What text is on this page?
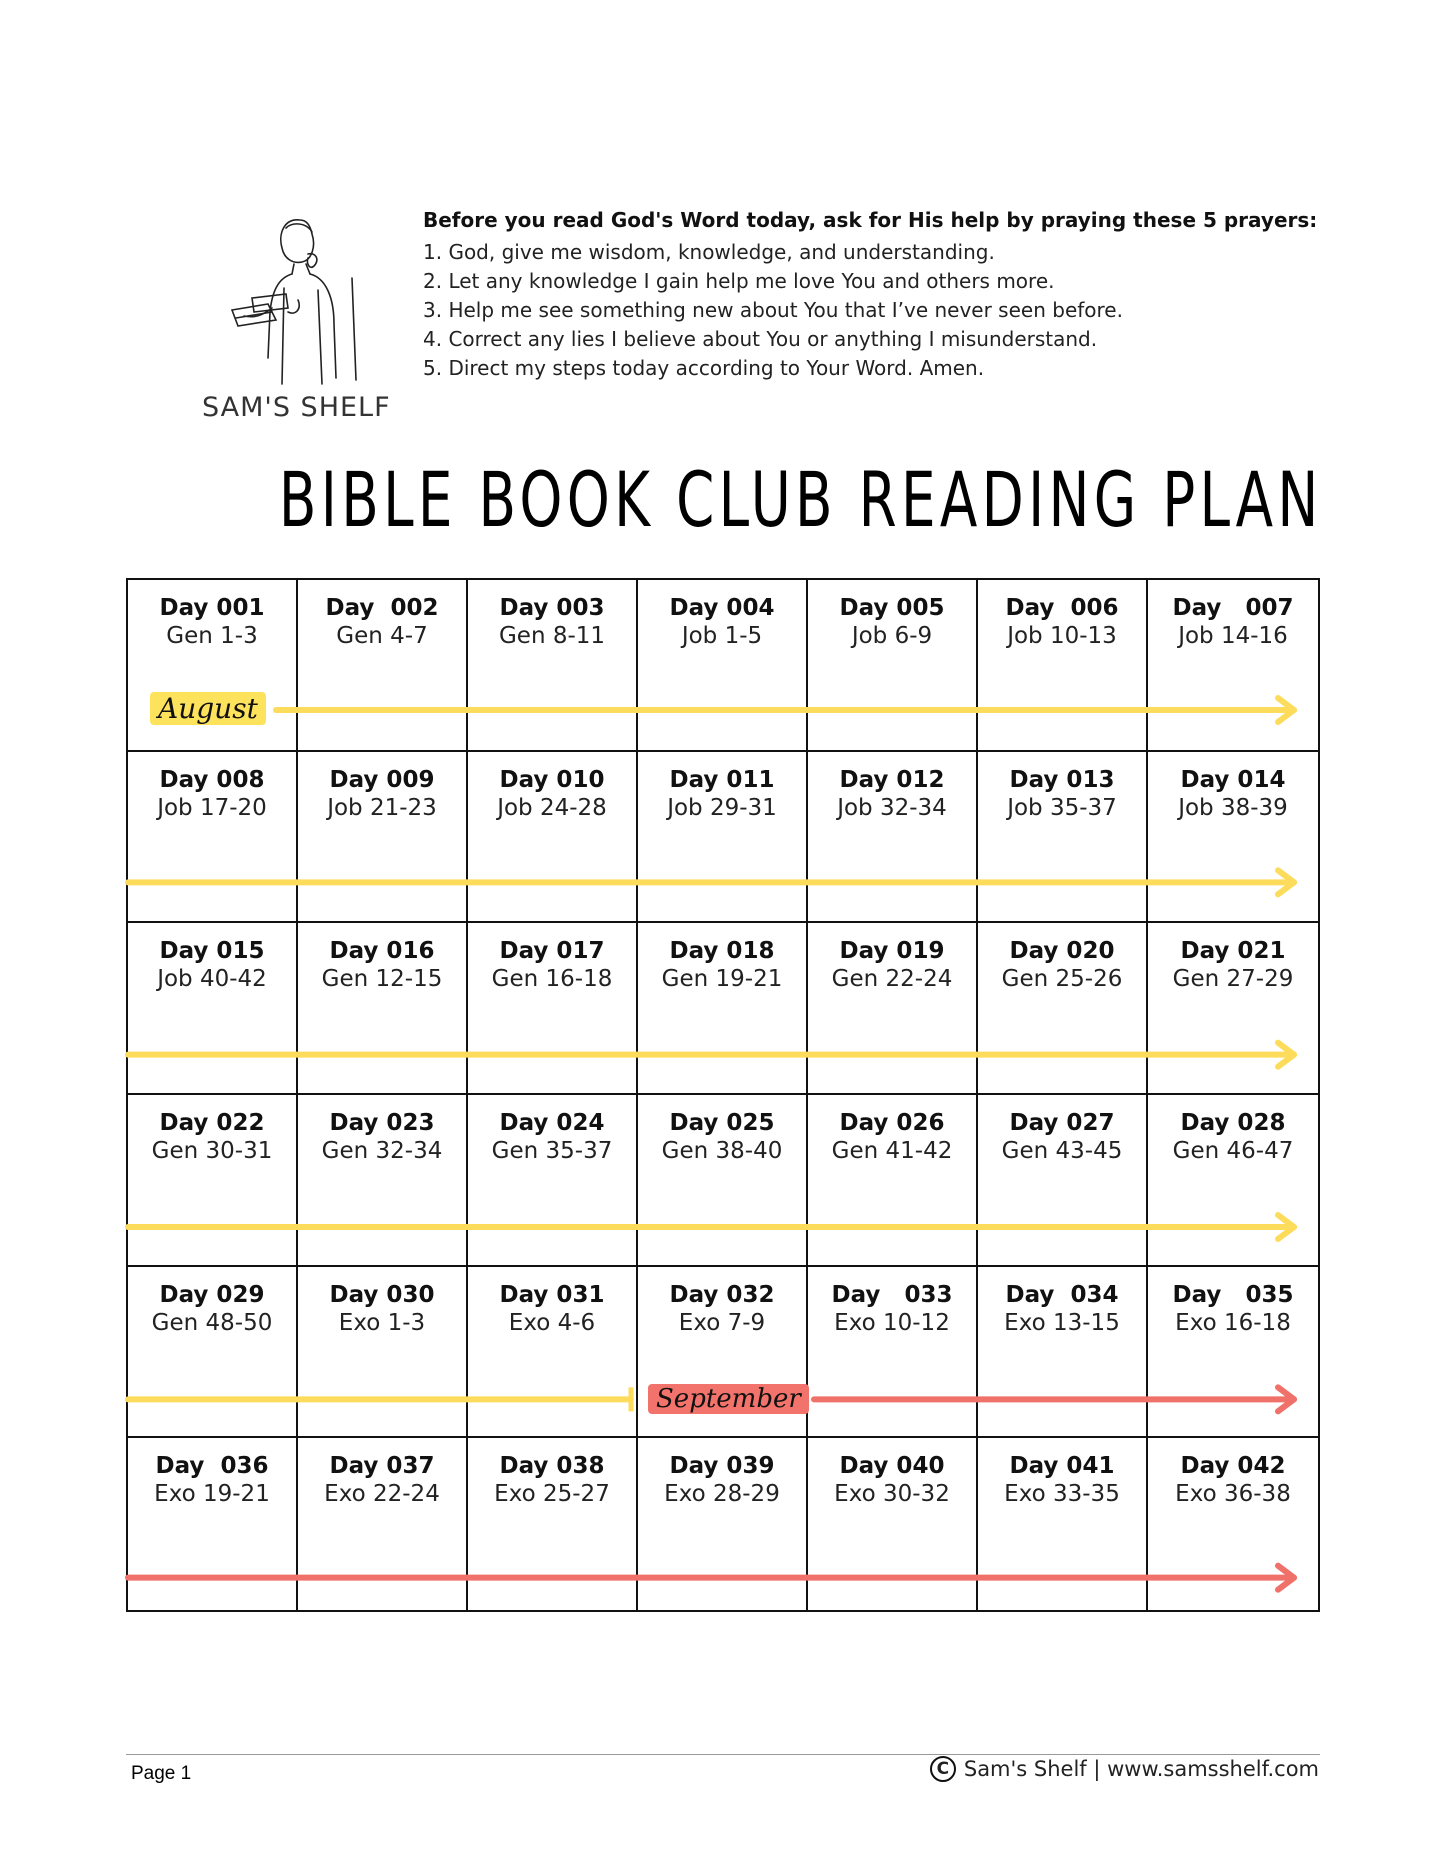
SAM'S SHELF

Before you read God's Word today, ask for His help by praying these 5 prayers:

1. God, give me wisdom, knowledge, and understanding.
2. Let any knowledge I gain help me love You and others more.
3. Help me see something new about You that I’ve never seen before.
4. Correct any lies I believe about You or anything I misunderstand.
5. Direct my steps today according to Your Word. Amen.
BIBLE BOOK CLUB READING PLAN
Day 001
Gen 1-3
Day  002
Gen 4-7
Day 003
Gen 8-11
Day 004
Job 1-5
Day 005
Job 6-9
Day  006
Job 10-13
Day   007
Job 14-16
Day 008
Job 17-20
Day 009
Job 21-23
Day 010
Job 24-28
Day 011
Job 29-31
Day 012
Job 32-34
Day 013
Job 35-37
Day 014
Job 38-39
Day 015
Job 40-42
Day 016
Gen 12-15
Day 017
Gen 16-18
Day 018
Gen 19-21
Day 019
Gen 22-24
Day 020
Gen 25-26
Day 021
Gen 27-29
Day 022
Gen 30-31
Day 023
Gen 32-34
Day 024
Gen 35-37
Day 025
Gen 38-40
Day 026
Gen 41-42
Day 027
Gen 43-45
Day 028
Gen 46-47
Day 029
Gen 48-50
Day 030
Exo 1-3
Day 031
Exo 4-6
Day 032
Exo 7-9
Day   033
Exo 10-12
Day  034
Exo 13-15
Day   035
Exo 16-18
Day  036
Exo 19-21
Day 037
Exo 22-24
Day 038
Exo 25-27
Day 039
Exo 28-29
Day 040
Exo 30-32
Day 041
Exo 33-35
Day 042
Exo 36-38
August
September
Page 1	C Sam's Shelf | www.samsshelf.com
